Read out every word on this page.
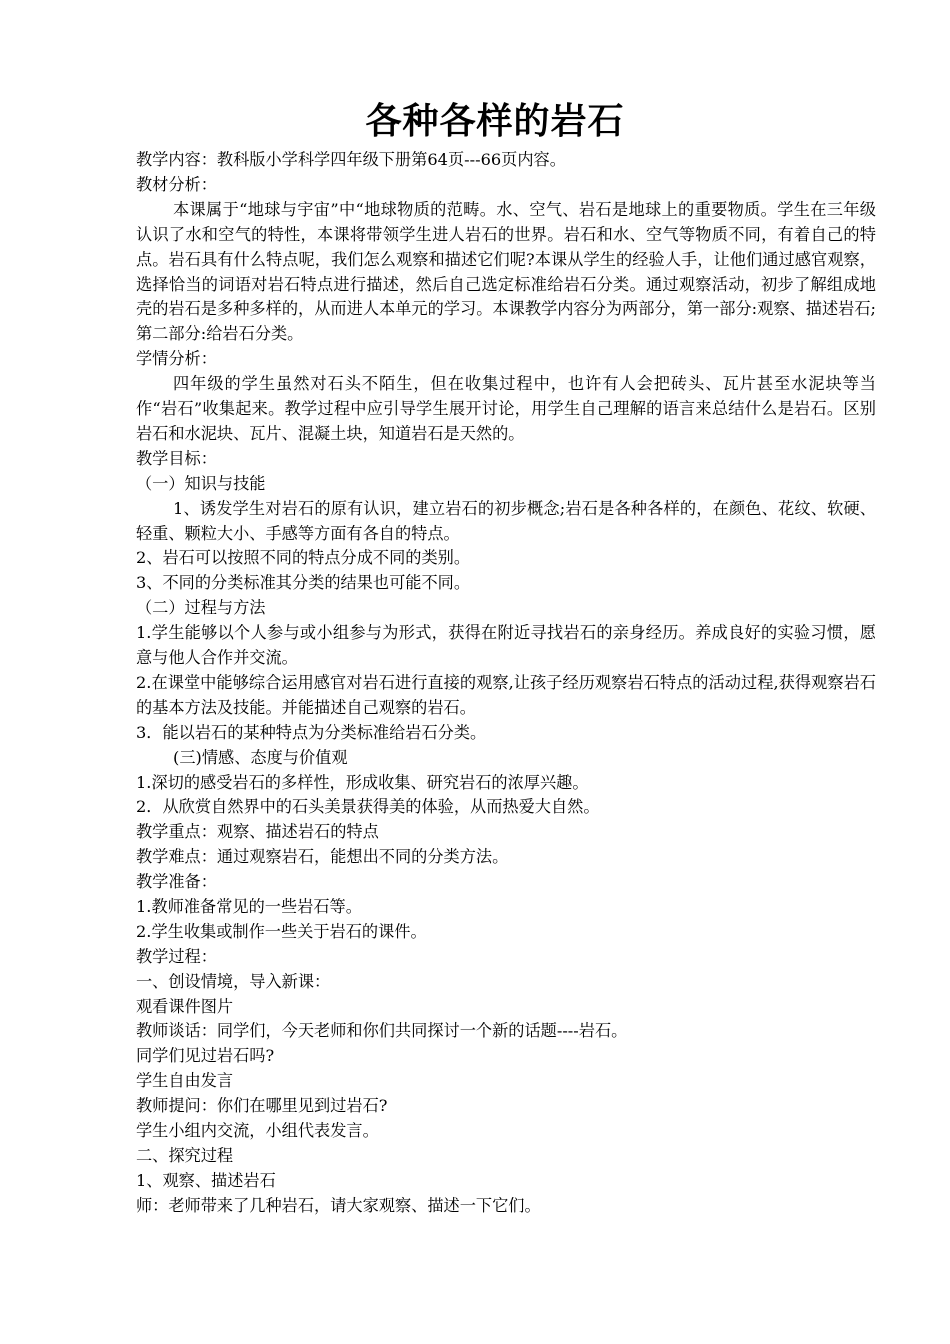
各种各样的岩石
教学内容：教科版小学科学四年级下册第64页---66页内容。
教材分析：

本课属于“地球与宇宙”中“地球物质的范畴。水、空气、岩石是地球上的重要物质。学生在三年级认识了水和空气的特性，本课将带领学生进人岩石的世界。岩石和水、空气等物质不同，有着自己的特点。岩石具有什么特点呢，我们怎么观察和描述它们呢?本课从学生的经验人手，让他们通过感官观察，选择恰当的词语对岩石特点进行描述，然后自己选定标准给岩石分类。通过观察活动，初步了解组成地壳的岩石是多种多样的，从而进人本单元的学习。本课教学内容分为两部分，第一部分:观察、描述岩石;第二部分:给岩石分类。

学情分析：

四年级的学生虽然对石头不陌生，但在收集过程中，也许有人会把砖头、瓦片甚至水泥块等当作“岩石”收集起来。教学过程中应引导学生展开讨论，用学生自己理解的语言来总结什么是岩石。区别岩石和水泥块、瓦片、混凝土块，知道岩石是天然的。

教学目标：
（一）知识与技能

1、诱发学生对岩石的原有认识，建立岩石的初步概念;岩石是各种各样的，在颜色、花纹、软硬、轻重、颗粒大小、手感等方面有各自的特点。

2、岩石可以按照不同的特点分成不同的类别。
3、不同的分类标准其分类的结果也可能不同。
（二）过程与方法

1.学生能够以个人参与或小组参与为形式，获得在附近寻找岩石的亲身经历。养成良好的实验习惯，愿意与他人合作并交流。

2.在课堂中能够综合运用感官对岩石进行直接的观察,让孩子经历观察岩石特点的活动过程,获得观察岩石的基本方法及技能。并能描述自己观察的岩石。

3．能以岩石的某种特点为分类标准给岩石分类。
(三)情感、态度与价值观
1.深切的感受岩石的多样性，形成收集、研究岩石的浓厚兴趣。
2．从欣赏自然界中的石头美景获得美的体验，从而热爱大自然。
教学重点：观察、描述岩石的特点
教学难点：通过观察岩石，能想出不同的分类方法。
教学准备：
1.教师准备常见的一些岩石等。
2.学生收集或制作一些关于岩石的课件。
教学过程：
一、创设情境，导入新课：
观看课件图片
教师谈话：同学们，今天老师和你们共同探讨一个新的话题----岩石。
同学们见过岩石吗?
学生自由发言
教师提问：你们在哪里见到过岩石?
学生小组内交流，小组代表发言。
二、探究过程
1、观察、描述岩石
师：老师带来了几种岩石，请大家观察、描述一下它们。
